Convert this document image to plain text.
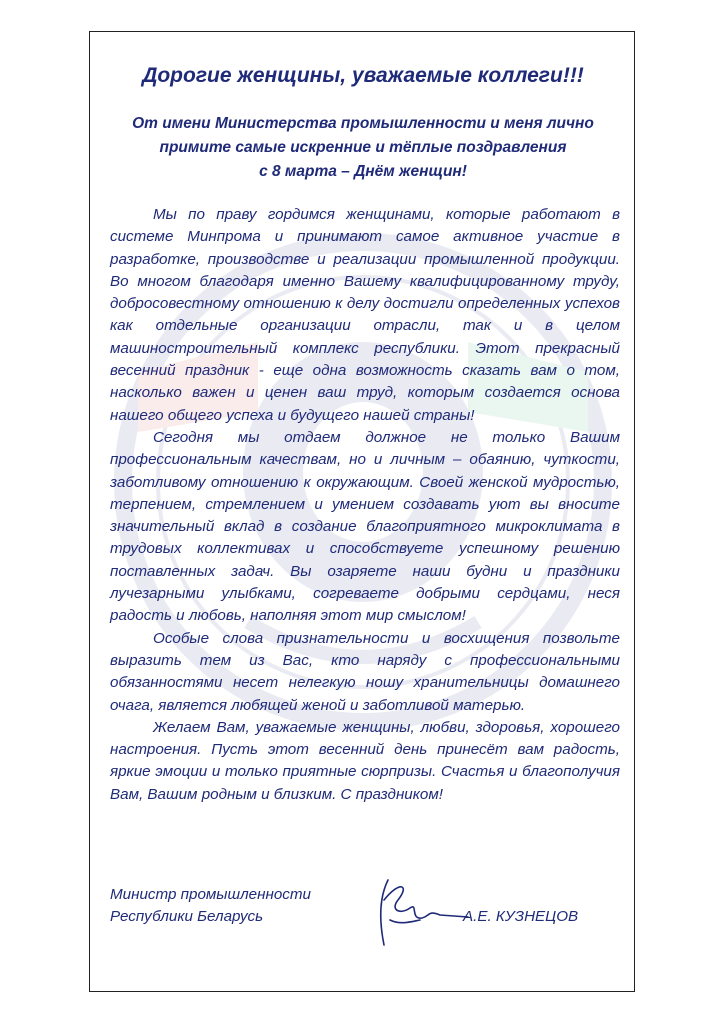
Дорогие женщины, уважаемые коллеги!!!
От имени Министерства промышленности и меня лично
примите самые искренние и тёплые поздравления
с 8 марта – Днём женщин!

Мы по праву гордимся женщинами, которые работают в системе Минпрома и принимают самое активное участие в разработке, производстве и реализации промышленной продукции. Во многом благодаря именно Вашему квалифицированному труду, добросовестному отношению к делу достигли определенных успехов как отдельные организации отрасли, так и в целом машиностроительный комплекс республики. Этот прекрасный весенний праздник - еще одна возможность сказать вам о том, насколько важен и ценен ваш труд, которым создается основа нашего общего успеха и будущего нашей страны!

Сегодня мы отдаем должное не только Вашим профессиональным качествам, но и личным – обаянию, чуткости, заботливому отношению к окружающим. Своей женской мудростью, терпением, стремлением и умением создавать уют вы вносите значительный вклад в создание благоприятного микроклимата в трудовых коллективах и способствуете успешному решению поставленных задач. Вы озаряете наши будни и праздники лучезарными улыбками, согреваете добрыми сердцами, неся радость и любовь, наполняя этот мир смыслом!

Особые слова признательности и восхищения позвольте выразить тем из Вас, кто наряду с профессиональными обязанностями несет нелегкую ношу хранительницы домашнего очага, является любящей женой и заботливой матерью.

Желаем Вам, уважаемые женщины, любви, здоровья, хорошего настроения. Пусть этот весенний день принесёт вам радость, яркие эмоции и только приятные сюрпризы. Счастья и благополучия Вам, Вашим родным и близким. С праздником!

Министр промышленности
Республики Беларусь	А.Е. КУЗНЕЦОВ
